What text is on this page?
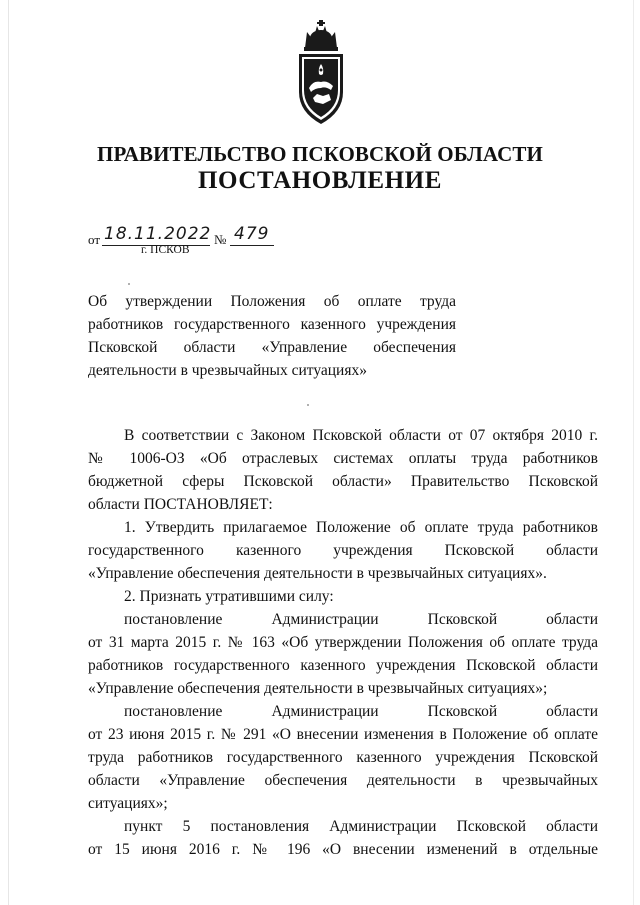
ПРАВИТЕЛЬСТВО ПСКОВСКОЙ ОБЛАСТИ
ПОСТАНОВЛЕНИЕ
от 18.11.2022 № 479
г. ПСКОВ
Об утверждении Положения об оплате труда
работников государственного казенного учреждения
Псковской области «Управление обеспечения
деятельности в чрезвычайных ситуациях»
В соответствии с Законом Псковской области от 07 октября 2010 г.
№ 1006-ОЗ «Об отраслевых системах оплаты труда работников
бюджетной сферы Псковской области» Правительство Псковской
области ПОСТАНОВЛЯЕТ:
1. Утвердить прилагаемое Положение об оплате труда работников
государственного казенного учреждения Псковской области
«Управление обеспечения деятельности в чрезвычайных ситуациях».
2. Признать утратившими силу:
постановление Администрации Псковской области
от 31 марта 2015 г. № 163 «Об утверждении Положения об оплате труда
работников государственного казенного учреждения Псковской области
«Управление обеспечения деятельности в чрезвычайных ситуациях»;
постановление Администрации Псковской области
от 23 июня 2015 г. № 291 «О внесении изменения в Положение об оплате
труда работников государственного казенного учреждения Псковской
области «Управление обеспечения деятельности в чрезвычайных
ситуациях»;
пункт 5 постановления Администрации Псковской области
от 15 июня 2016 г. № 196 «О внесении изменений в отдельные
